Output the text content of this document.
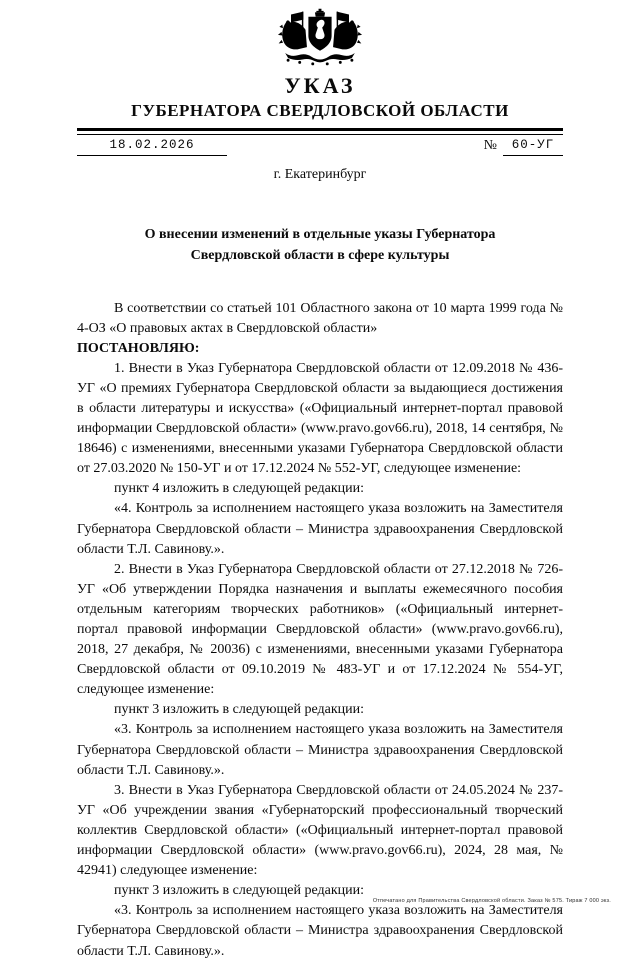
УКАЗ
ГУБЕРНАТОРА СВЕРДЛОВСКОЙ ОБЛАСТИ
18.02.2026	№	60-УГ
г. Екатеринбург
О внесении изменений в отдельные указы Губернатора
Свердловской области в сфере культуры

В соответствии со статьей 101 Областного закона от 10 марта 1999 года № 4-ОЗ «О правовых актах в Свердловской области»

ПОСТАНОВЛЯЮ:

1. Внести в Указ Губернатора Свердловской области от 12.09.2018 № 436-УГ «О премиях Губернатора Свердловской области за выдающиеся достижения в области литературы и искусства» («Официальный интернет-портал правовой информации Свердловской области» (www.pravo.gov66.ru), 2018, 14 сентября, № 18646) с изменениями, внесенными указами Губернатора Свердловской области от 27.03.2020 № 150-УГ и от 17.12.2024 № 552-УГ, следующее изменение:

пункт 4 изложить в следующей редакции:

«4. Контроль за исполнением настоящего указа возложить на Заместителя Губернатора Свердловской области – Министра здравоохранения Свердловской области Т.Л. Савинову.».

2. Внести в Указ Губернатора Свердловской области от 27.12.2018 № 726-УГ «Об утверждении Порядка назначения и выплаты ежемесячного пособия отдельным категориям творческих работников» («Официальный интернет-портал правовой информации Свердловской области» (www.pravo.gov66.ru), 2018, 27 декабря, № 20036) с изменениями, внесенными указами Губернатора Свердловской области от 09.10.2019 № 483-УГ и от 17.12.2024 № 554-УГ, следующее изменение:

пункт 3 изложить в следующей редакции:

«3. Контроль за исполнением настоящего указа возложить на Заместителя Губернатора Свердловской области – Министра здравоохранения Свердловской области Т.Л. Савинову.».

3. Внести в Указ Губернатора Свердловской области от 24.05.2024 № 237-УГ «Об учреждении звания «Губернаторский профессиональный творческий коллектив Свердловской области» («Официальный интернет-портал правовой информации Свердловской области» (www.pravo.gov66.ru), 2024, 28 мая, № 42941) следующее изменение:

пункт 3 изложить в следующей редакции:

«3. Контроль за исполнением настоящего указа возложить на Заместителя Губернатора Свердловской области – Министра здравоохранения Свердловской области Т.Л. Савинову.».

Отпечатано для Правительства Свердловской области. Заказ № 575. Тираж 7 000 экз.
